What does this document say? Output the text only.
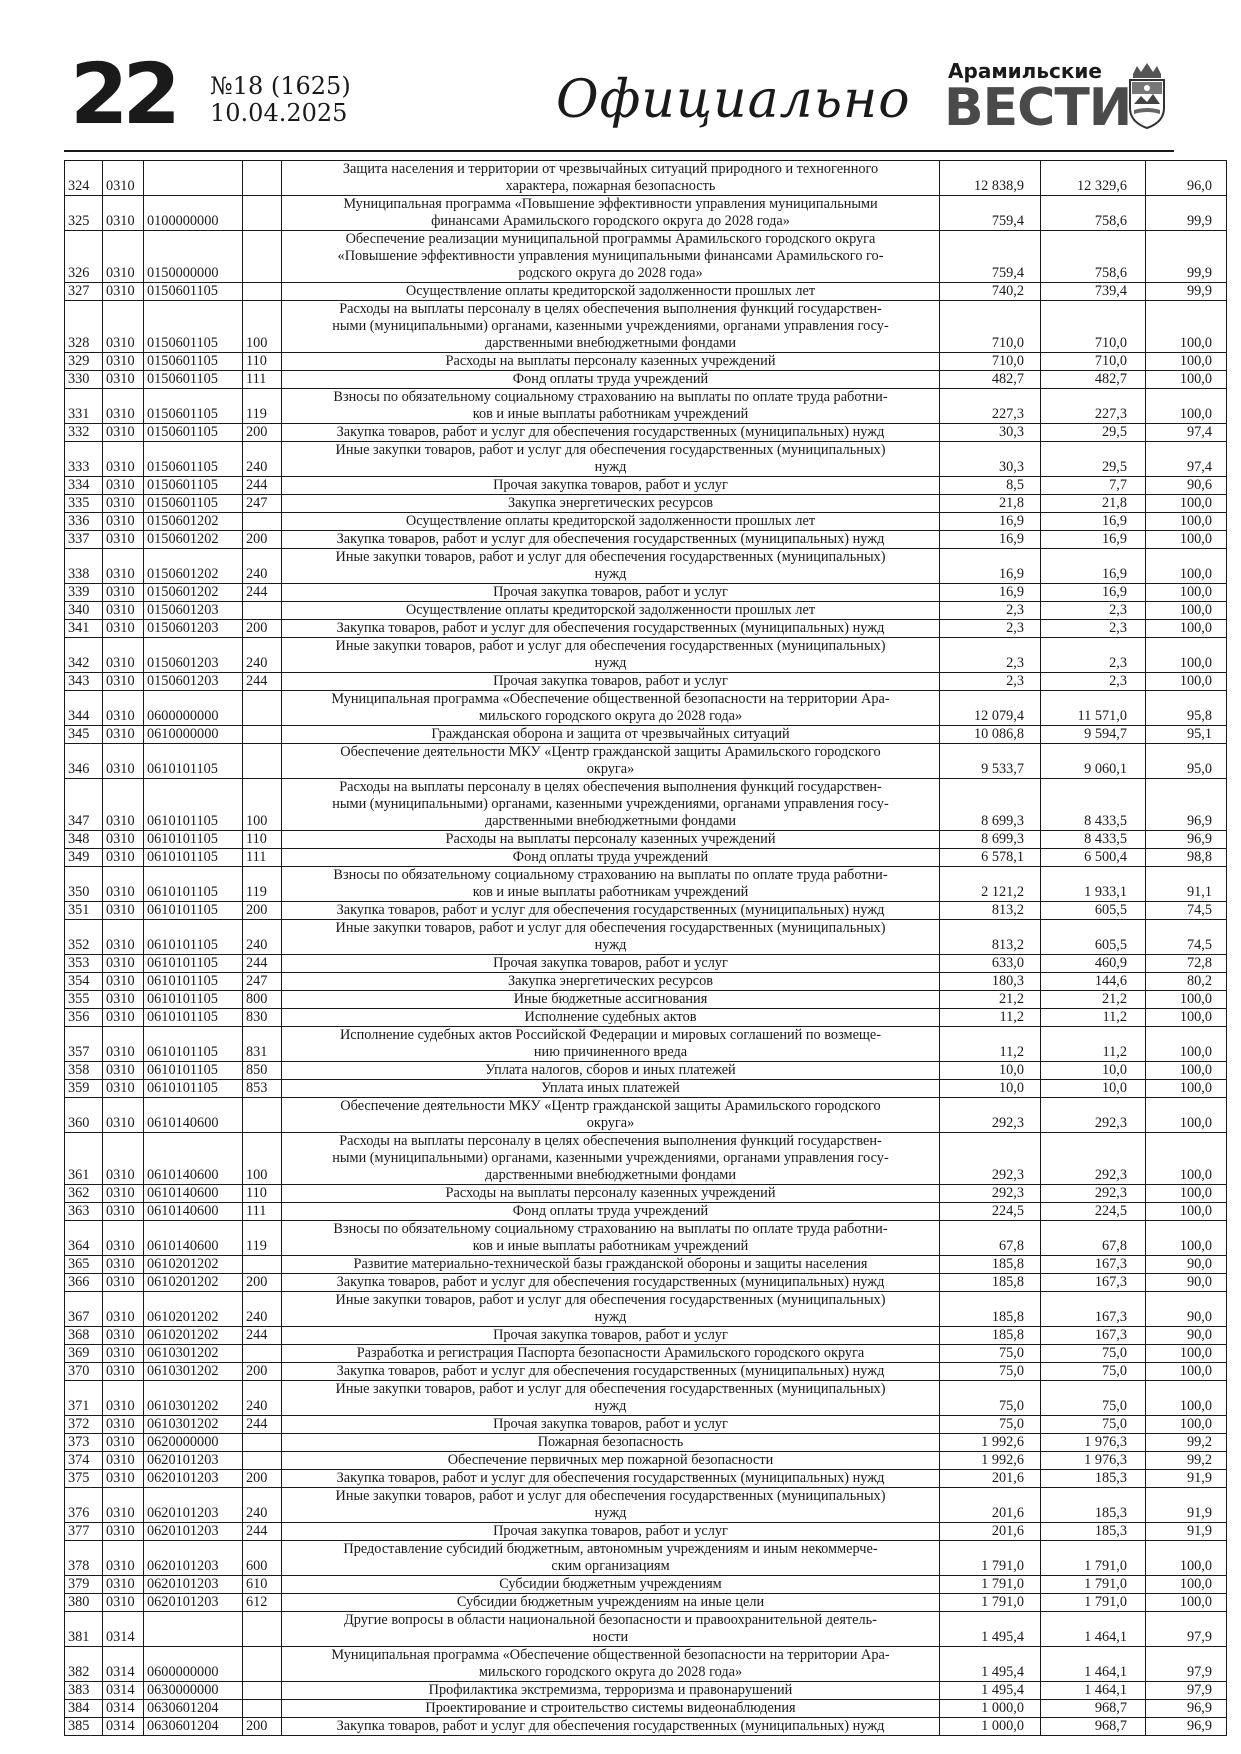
22 №18 (1625)
10.04.2025	Официально Арамильские
ВЕСТИ
324	0310			Защита населения и территории от чрезвычайных ситуаций природного и техногенного
характера, пожарная безопасность	12 838,9	12 329,6	96,0
325	0310	0100000000		Муниципальная программа «Повышение эффективности управления муниципальными
финансами Арамильского городского округа до 2028 года»	759,4	758,6	99,9
326	0310	0150000000		Обеспечение реализации муниципальной программы Арамильского городского округа
«Повышение эффективности управления муниципальными финансами Арамильского го-
родского округа до 2028 года»	759,4	758,6	99,9
327	0310	0150601105		Осуществление оплаты кредиторской задолженности прошлых лет	740,2	739,4	99,9
328	0310	0150601105	100	Расходы на выплаты персоналу в целях обеспечения выполнения функций государствен-
ными (муниципальными) органами, казенными учреждениями, органами управления госу-
дарственными внебюджетными фондами	710,0	710,0	100,0
329	0310	0150601105	110	Расходы на выплаты персоналу казенных учреждений	710,0	710,0	100,0
330	0310	0150601105	111	Фонд оплаты труда учреждений	482,7	482,7	100,0
331	0310	0150601105	119	Взносы по обязательному социальному страхованию на выплаты по оплате труда работни-
ков и иные выплаты работникам учреждений	227,3	227,3	100,0
332	0310	0150601105	200	Закупка товаров, работ и услуг для обеспечения государственных (муниципальных) нужд	30,3	29,5	97,4
333	0310	0150601105	240	Иные закупки товаров, работ и услуг для обеспечения государственных (муниципальных)
нужд	30,3	29,5	97,4
334	0310	0150601105	244	Прочая закупка товаров, работ и услуг	8,5	7,7	90,6
335	0310	0150601105	247	Закупка энергетических ресурсов	21,8	21,8	100,0
336	0310	0150601202		Осуществление оплаты кредиторской задолженности прошлых лет	16,9	16,9	100,0
337	0310	0150601202	200	Закупка товаров, работ и услуг для обеспечения государственных (муниципальных) нужд	16,9	16,9	100,0
338	0310	0150601202	240	Иные закупки товаров, работ и услуг для обеспечения государственных (муниципальных)
нужд	16,9	16,9	100,0
339	0310	0150601202	244	Прочая закупка товаров, работ и услуг	16,9	16,9	100,0
340	0310	0150601203		Осуществление оплаты кредиторской задолженности прошлых лет	2,3	2,3	100,0
341	0310	0150601203	200	Закупка товаров, работ и услуг для обеспечения государственных (муниципальных) нужд	2,3	2,3	100,0
342	0310	0150601203	240	Иные закупки товаров, работ и услуг для обеспечения государственных (муниципальных)
нужд	2,3	2,3	100,0
343	0310	0150601203	244	Прочая закупка товаров, работ и услуг	2,3	2,3	100,0
344	0310	0600000000		Муниципальная программа «Обеспечение общественной безопасности на территории Ара-
мильского городского округа до 2028 года»	12 079,4	11 571,0	95,8
345	0310	0610000000		Гражданская оборона и защита от чрезвычайных ситуаций	10 086,8	9 594,7	95,1
346	0310	0610101105		Обеспечение деятельности МКУ «Центр гражданской защиты Арамильского городского
округа»	9 533,7	9 060,1	95,0
347	0310	0610101105	100	Расходы на выплаты персоналу в целях обеспечения выполнения функций государствен-
ными (муниципальными) органами, казенными учреждениями, органами управления госу-
дарственными внебюджетными фондами	8 699,3	8 433,5	96,9
348	0310	0610101105	110	Расходы на выплаты персоналу казенных учреждений	8 699,3	8 433,5	96,9
349	0310	0610101105	111	Фонд оплаты труда учреждений	6 578,1	6 500,4	98,8
350	0310	0610101105	119	Взносы по обязательному социальному страхованию на выплаты по оплате труда работни-
ков и иные выплаты работникам учреждений	2 121,2	1 933,1	91,1
351	0310	0610101105	200	Закупка товаров, работ и услуг для обеспечения государственных (муниципальных) нужд	813,2	605,5	74,5
352	0310	0610101105	240	Иные закупки товаров, работ и услуг для обеспечения государственных (муниципальных)
нужд	813,2	605,5	74,5
353	0310	0610101105	244	Прочая закупка товаров, работ и услуг	633,0	460,9	72,8
354	0310	0610101105	247	Закупка энергетических ресурсов	180,3	144,6	80,2
355	0310	0610101105	800	Иные бюджетные ассигнования	21,2	21,2	100,0
356	0310	0610101105	830	Исполнение судебных актов	11,2	11,2	100,0
357	0310	0610101105	831	Исполнение судебных актов Российской Федерации и мировых соглашений по возмеще-
нию причиненного вреда	11,2	11,2	100,0
358	0310	0610101105	850	Уплата налогов, сборов и иных платежей	10,0	10,0	100,0
359	0310	0610101105	853	Уплата иных платежей	10,0	10,0	100,0
360	0310	0610140600		Обеспечение деятельности МКУ «Центр гражданской защиты Арамильского городского
округа»	292,3	292,3	100,0
361	0310	0610140600	100	Расходы на выплаты персоналу в целях обеспечения выполнения функций государствен-
ными (муниципальными) органами, казенными учреждениями, органами управления госу-
дарственными внебюджетными фондами	292,3	292,3	100,0
362	0310	0610140600	110	Расходы на выплаты персоналу казенных учреждений	292,3	292,3	100,0
363	0310	0610140600	111	Фонд оплаты труда учреждений	224,5	224,5	100,0
364	0310	0610140600	119	Взносы по обязательному социальному страхованию на выплаты по оплате труда работни-
ков и иные выплаты работникам учреждений	67,8	67,8	100,0
365	0310	0610201202		Развитие материально-технической базы гражданской обороны и защиты населения	185,8	167,3	90,0
366	0310	0610201202	200	Закупка товаров, работ и услуг для обеспечения государственных (муниципальных) нужд	185,8	167,3	90,0
367	0310	0610201202	240	Иные закупки товаров, работ и услуг для обеспечения государственных (муниципальных)
нужд	185,8	167,3	90,0
368	0310	0610201202	244	Прочая закупка товаров, работ и услуг	185,8	167,3	90,0
369	0310	0610301202		Разработка и регистрация Паспорта безопасности Арамильского городского округа	75,0	75,0	100,0
370	0310	0610301202	200	Закупка товаров, работ и услуг для обеспечения государственных (муниципальных) нужд	75,0	75,0	100,0
371	0310	0610301202	240	Иные закупки товаров, работ и услуг для обеспечения государственных (муниципальных)
нужд	75,0	75,0	100,0
372	0310	0610301202	244	Прочая закупка товаров, работ и услуг	75,0	75,0	100,0
373	0310	0620000000		Пожарная безопасность	1 992,6	1 976,3	99,2
374	0310	0620101203		Обеспечение первичных мер пожарной безопасности	1 992,6	1 976,3	99,2
375	0310	0620101203	200	Закупка товаров, работ и услуг для обеспечения государственных (муниципальных) нужд	201,6	185,3	91,9
376	0310	0620101203	240	Иные закупки товаров, работ и услуг для обеспечения государственных (муниципальных)
нужд	201,6	185,3	91,9
377	0310	0620101203	244	Прочая закупка товаров, работ и услуг	201,6	185,3	91,9
378	0310	0620101203	600	Предоставление субсидий бюджетным, автономным учреждениям и иным некоммерче-
ским организациям	1 791,0	1 791,0	100,0
379	0310	0620101203	610	Субсидии бюджетным учреждениям	1 791,0	1 791,0	100,0
380	0310	0620101203	612	Субсидии бюджетным учреждениям на иные цели	1 791,0	1 791,0	100,0
381	0314			Другие вопросы в области национальной безопасности и правоохранительной деятель-
ности	1 495,4	1 464,1	97,9
382	0314	0600000000		Муниципальная программа «Обеспечение общественной безопасности на территории Ара-
мильского городского округа до 2028 года»	1 495,4	1 464,1	97,9
383	0314	0630000000		Профилактика экстремизма, терроризма и правонарушений	1 495,4	1 464,1	97,9
384	0314	0630601204		Проектирование и строительство системы видеонаблюдения	1 000,0	968,7	96,9
385	0314	0630601204	200	Закупка товаров, работ и услуг для обеспечения государственных (муниципальных) нужд	1 000,0	968,7	96,9
